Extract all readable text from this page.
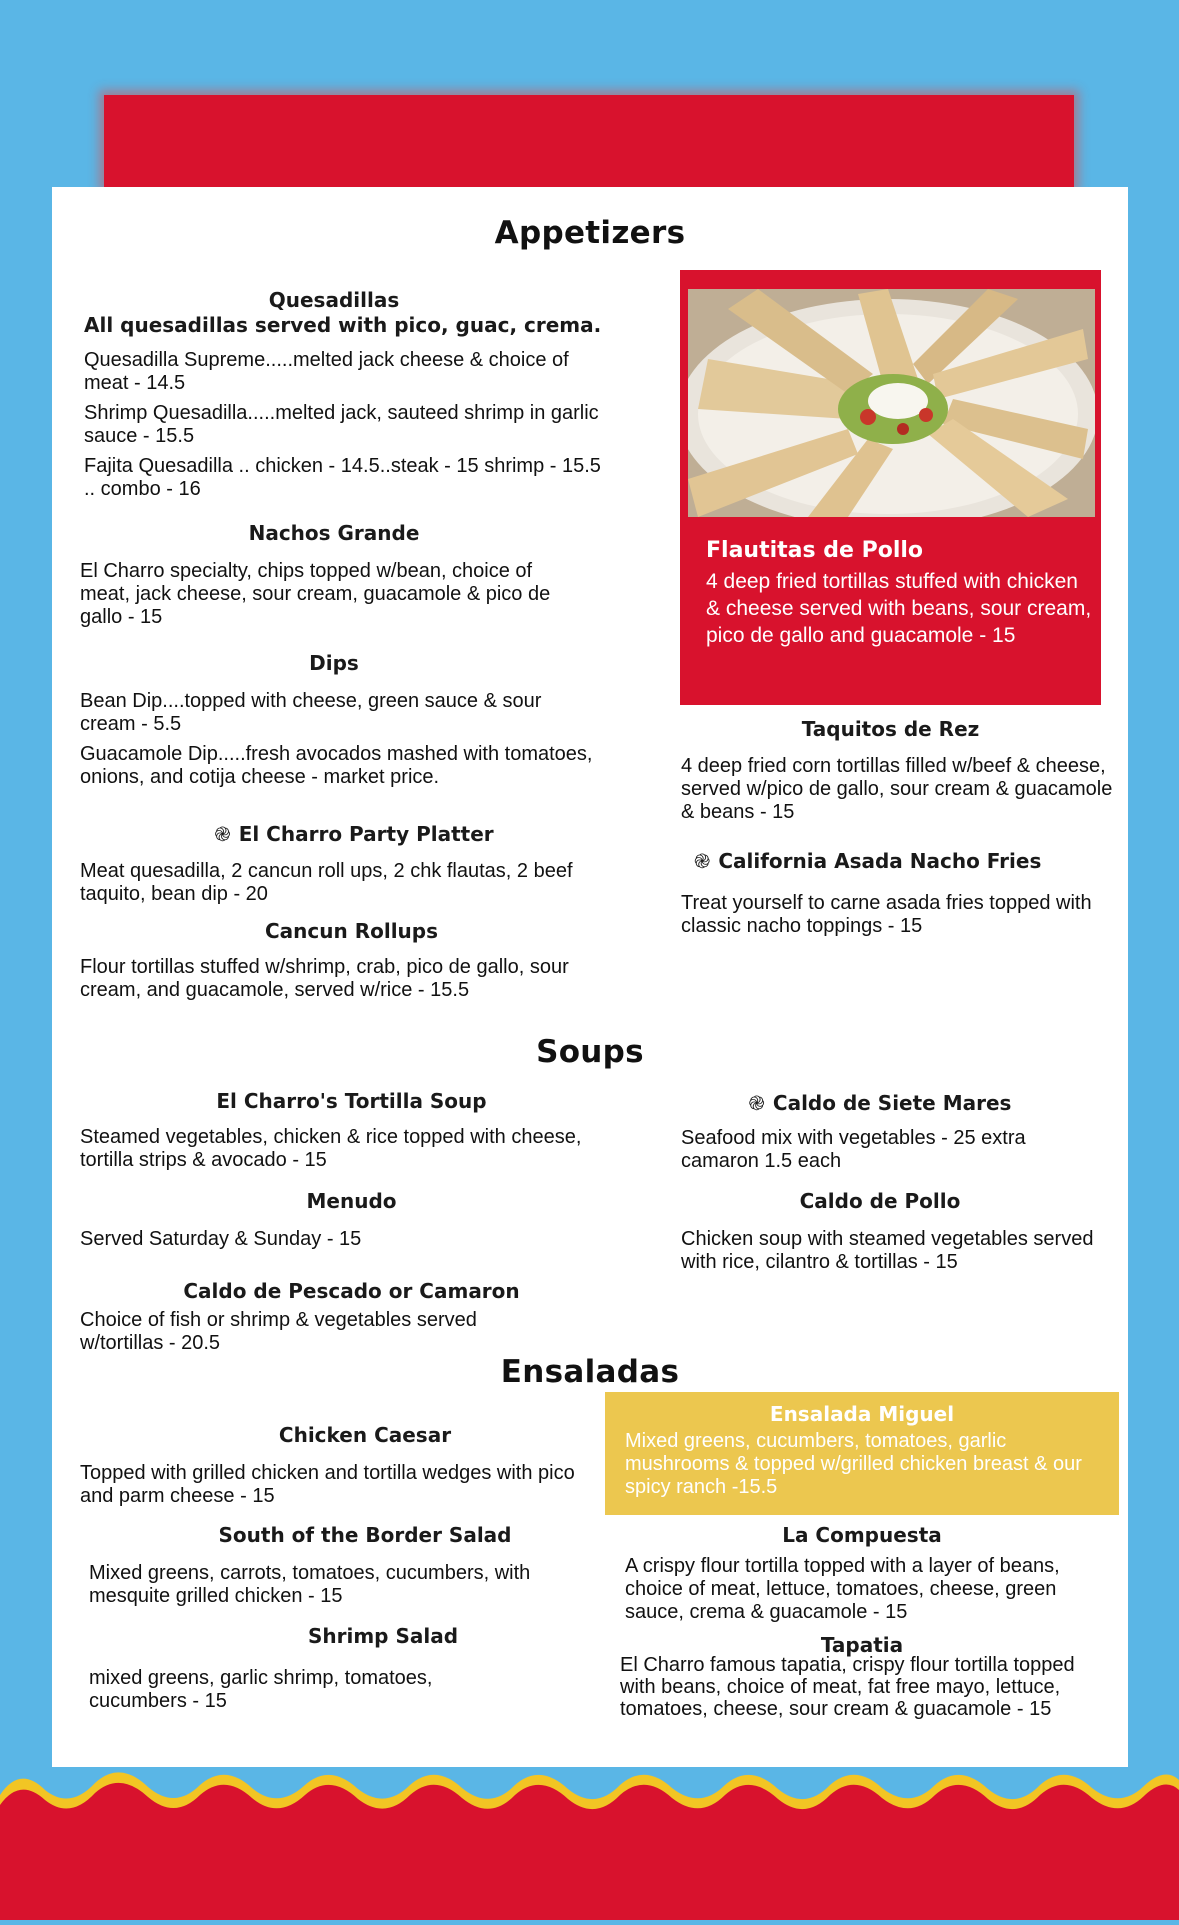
Appetizers
Quesadillas
All quesadillas served with pico, guac, crema.

Quesadilla Supreme.....melted jack cheese & choice of meat - 14.5

Shrimp Quesadilla.....melted jack, sauteed shrimp in garlic sauce - 15.5

Fajita Quesadilla .. chicken - 14.5..steak - 15 shrimp - 15.5 .. combo - 16

Nachos Grande
El Charro specialty, chips topped w/bean, choice of meat, jack cheese, sour cream, guacamole & pico de gallo - 15
Dips

Bean Dip....topped with cheese, green sauce & sour cream - 5.5

Guacamole Dip.....fresh avocados mashed with tomatoes, onions, and cotija cheese - market price.

֎ El Charro Party Platter
Meat quesadilla, 2 cancun roll ups, 2 chk flautas, 2 beef taquito, bean dip - 20
Cancun Rollups
Flour tortillas stuffed w/shrimp, crab, pico de gallo, sour cream, and guacamole, served w/rice - 15.5
Flautitas de Pollo
4 deep fried tortillas stuffed with chicken & cheese served with beans, sour cream, pico de gallo and guacamole - 15
Taquitos de Rez
4 deep fried corn tortillas filled w/beef & cheese, served w/pico de gallo, sour cream & guacamole & beans - 15
֎ California Asada Nacho Fries
Treat yourself to carne asada fries topped with classic nacho toppings - 15
Soups
El Charro's Tortilla Soup
Steamed vegetables, chicken & rice topped with cheese, tortilla strips & avocado - 15
Menudo
Served Saturday & Sunday - 15
Caldo de Pescado or Camaron
Choice of fish or shrimp & vegetables served w/tortillas - 20.5
֎ Caldo de Siete Mares
Seafood mix with vegetables - 25 extra camaron 1.5 each
Caldo de Pollo
Chicken soup with steamed vegetables served with rice, cilantro & tortillas - 15
Ensaladas
Chicken Caesar
Topped with grilled chicken and tortilla wedges with pico and parm cheese - 15
South of the Border Salad
Mixed greens, carrots, tomatoes, cucumbers, with mesquite grilled chicken - 15
Shrimp Salad
mixed greens, garlic shrimp, tomatoes, cucumbers - 15
Ensalada Miguel
Mixed greens, cucumbers, tomatoes, garlic mushrooms & topped w/grilled chicken breast & our spicy ranch -15.5
La Compuesta
A crispy flour tortilla topped with a layer of beans, choice of meat, lettuce, tomatoes, cheese, green sauce, crema & guacamole - 15
Tapatia
El Charro famous tapatia, crispy flour tortilla topped with beans, choice of meat, fat free mayo, lettuce, tomatoes, cheese, sour cream & guacamole - 15
